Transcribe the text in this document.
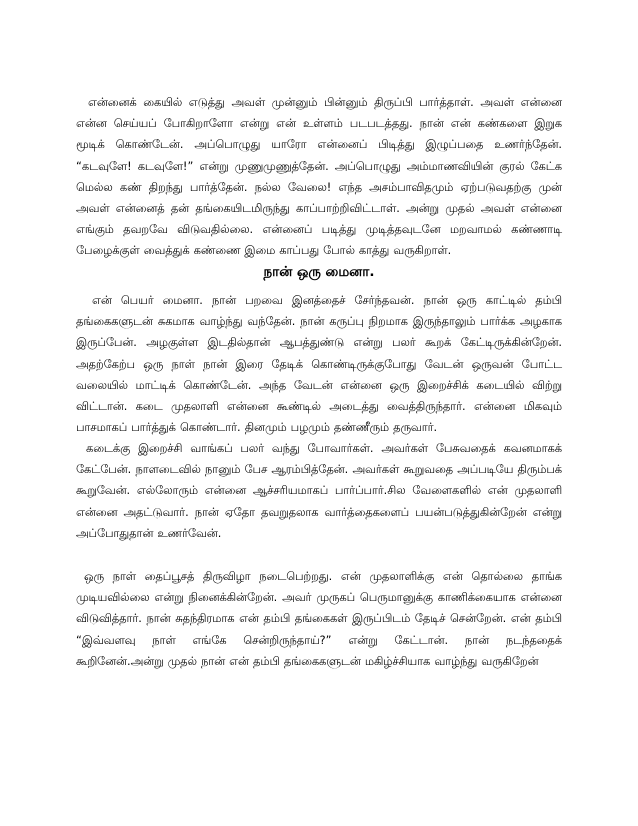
என்னைக் கையில் எடுத்து அவள் முன்னும் பின்னும் திருப்பி பார்த்தாள். அவள் என்னை என்ன செய்யப் போகிறாளோ என்று என் உள்ளம் படபடத்தது. நான் என் கண்களை இறுக மூடிக் கொண்டேன். அப்பொழுது யாரோ என்னைப் பிடித்து இழுப்பதை உணர்ந்தேன். “கடவுளே! கடவுளே!” என்று முணுமுணுத்தேன். அப்பொழுது அம்மாணவியின் குரல் கேட்க மெல்ல கண் திறந்து பார்த்தேன். நல்ல வேலை! எந்த அசம்பாவிதமும் ஏற்படுவதற்கு முன் அவள் என்னைத் தன் தங்கையிடமிருந்து காப்பாற்றிவிட்டாள். அன்று முதல் அவள் என்னை எங்கும் தவறவே விடுவதில்லை. என்னைப் படித்து முடித்தவுடனே மறவாமல் கண்ணாடி பேழைக்குள் வைத்துக் கண்ணை இமை காப்பது போல் காத்து வருகிறாள்.

நான் ஒரு மைனா.

என் பெயர் மைனா. நான் பறவை இனத்தைச் சேர்ந்தவன். நான் ஒரு காட்டில் தம்பி தங்கைகளுடன் சுகமாக வாழ்ந்து வந்தேன். நான் கருப்பு நிறமாக இருந்தாலும் பார்க்க அழகாக இருப்பேன். அழகுள்ள இடதில்தான் ஆபத்துண்டு என்று பலர் கூறக் கேட்டிருக்கின்றேன். அதற்கேற்ப ஒரு நாள் நான் இரை தேடிக் கொண்டிருக்குபோது வேடன் ஒருவன் போட்ட வலையில் மாட்டிக் கொண்டேன். அந்த வேடன் என்னை ஒரு இறைச்சிக் கடையில் விற்று விட்டான். கடை முதலாளி என்னை கூண்டில் அடைத்து வைத்திருந்தார். என்னை மிகவும் பாசமாகப் பார்த்துக் கொண்டார். தினமும் பழமும் தண்ணீரும் தருவார்.

கடைக்கு இறைச்சி வாங்கப் பலர் வந்து போவார்கள். அவர்கள் பேசுவதைக் கவனமாகக் கேட்பேன். நாளடைவில் நானும் பேச ஆரம்பித்தேன். அவர்கள் கூறுவதை அப்படியே திரும்பக் கூறுவேன். எல்லோரும் என்னை ஆச்சரியமாகப் பார்ப்பார்.சில வேளைகளில் என் முதலாளி என்னை அதட்டுவார். நான் ஏதோ தவறுதலாக வார்த்தைகளைப் பயன்படுத்துகின்றேன் என்று அப்போதுதான் உணர்வேன்.

ஒரு நாள் தைப்பூசத் திருவிழா நடைபெற்றது. என் முதலாளிக்கு என் தொல்லை தாங்க முடியவில்லை என்று நினைக்கின்றேன். அவர் முருகப் பெருமானுக்கு காணிக்கையாக என்னை விடுவித்தார். நான் சுதந்திரமாக என் தம்பி தங்கைகள் இருப்பிடம் தேடிச் சென்றேன். என் தம்பி “இவ்வளவு நாள் எங்கே சென்றிருந்தாய்?” என்று கேட்டான். நான் நடந்ததைக் கூறினேன்.அன்று முதல் நான் என் தம்பி தங்கைகளுடன் மகிழ்ச்சியாக வாழ்ந்து வருகிறேன்
